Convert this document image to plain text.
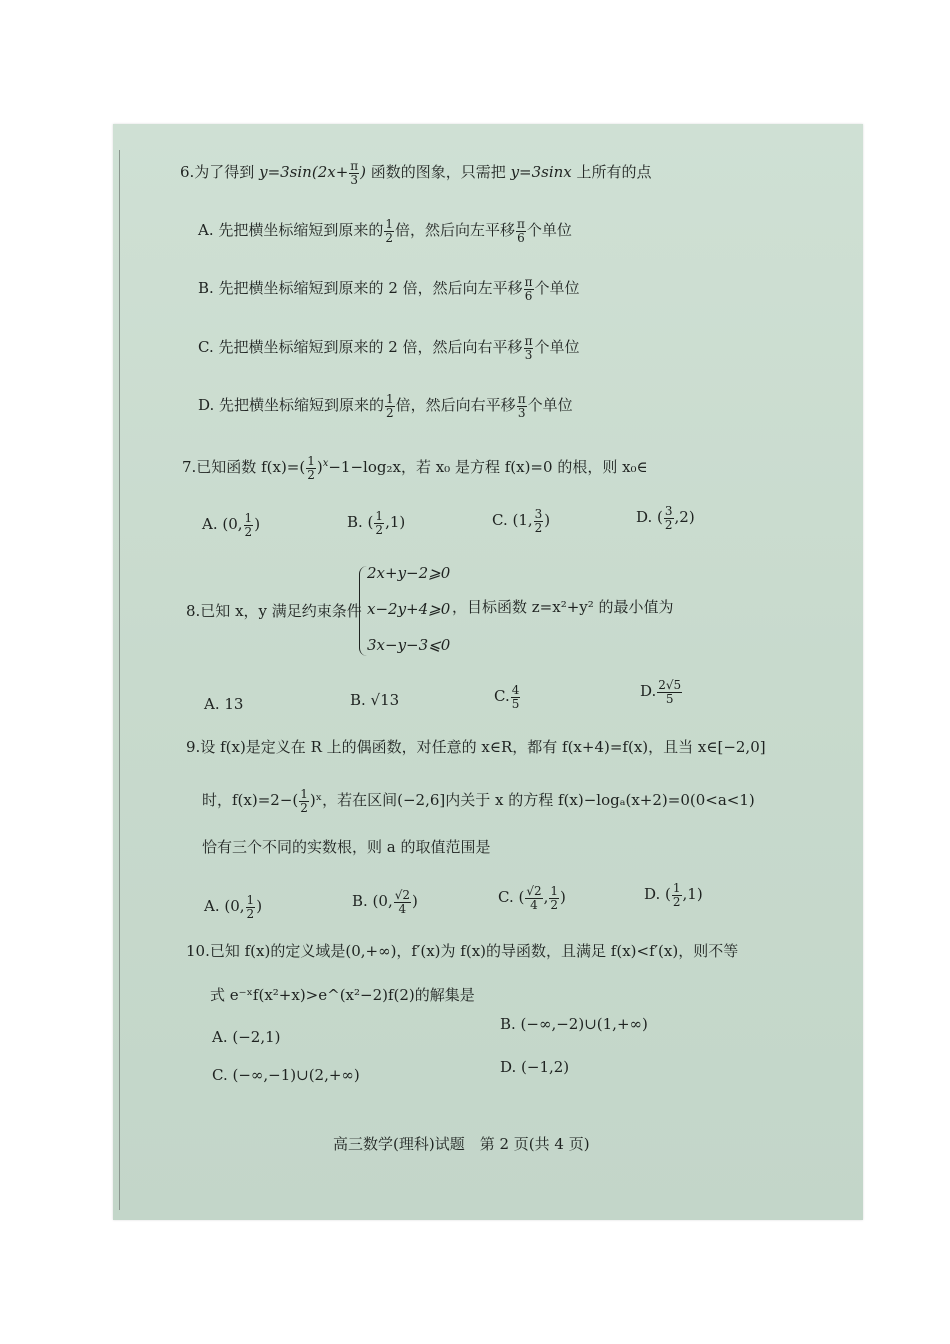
6.为了得到 $y=3\sin(2x+ \frac{\pi}{3}$ ) 函数的图象，只需把 y=3sinx 上所有的点
A. 先把横坐标缩短到原来的 $\frac{1}{2}$ 倍，然后向左平移 $\frac{\pi}{6}$ 个单位
B. 先把横坐标缩短到原来的 2 倍，然后向左平移 $\frac{\pi}{6}$ 个单位
C. 先把横坐标缩短到原来的 2 倍，然后向右平移 $\frac{\pi}{3}$ 个单位
D. 先把横坐标缩短到原来的 $\frac{1}{2}$ 倍，然后向右平移 $\frac{\pi}{3}$ 个单位
7.已知函数 $f(x)=( \frac{1}{2} )^x-1-\log_2x$，若 x₀ 是方程 f(x)=0 的根，则 x₀∈
A. (0, $\frac{1}{2}$ )	B. ( $\frac{1}{2} ,1$)	C. (1, $\frac{3}{2}$ )	D. ( $\frac{3}{2} ,2$)
8.已知 x，y 满足约束条件
2x+y−2⩾0
x−2y+4⩾0
3x−y−3⩽0
，目标函数 z=x²+y² 的最小值为
A. 13	B. √13	C. $\frac{4}{5}$	D. $\frac{2√5}{5}$
9.设 f(x)是定义在 R 上的偶函数，对任意的 x∈R，都有 f(x+4)=f(x)，且当 x∈[−2,0]
时，$f(x)=2-( \frac{1}{2}$ )ˣ，若在区间(−2,6]内关于 x 的方程 f(x)−logₐ(x+2)=0(0<a<1)
恰有三个不同的实数根，则 a 的取值范围是
A. (0, $\frac{1}{2}$ )	B. (0, $\frac{√2}{4}$ )	C. ( $\frac{√2}{4}$ , $\frac{1}{2}$ )	D. ( $\frac{1}{2} ,1$)
10.已知 f(x)的定义域是(0,+∞)，f′(x)为 f(x)的导函数，且满足 f(x)<f′(x)，则不等
式 e⁻ˣf(x²+x)>e^(x²−2)f(2)的解集是
A. (−2,1)
B. (−∞,−2)∪(1,+∞)
C. (−∞,−1)∪(2,+∞)	D. (−1,2)
高三数学(理科)试题　第 2 页(共 4 页)
